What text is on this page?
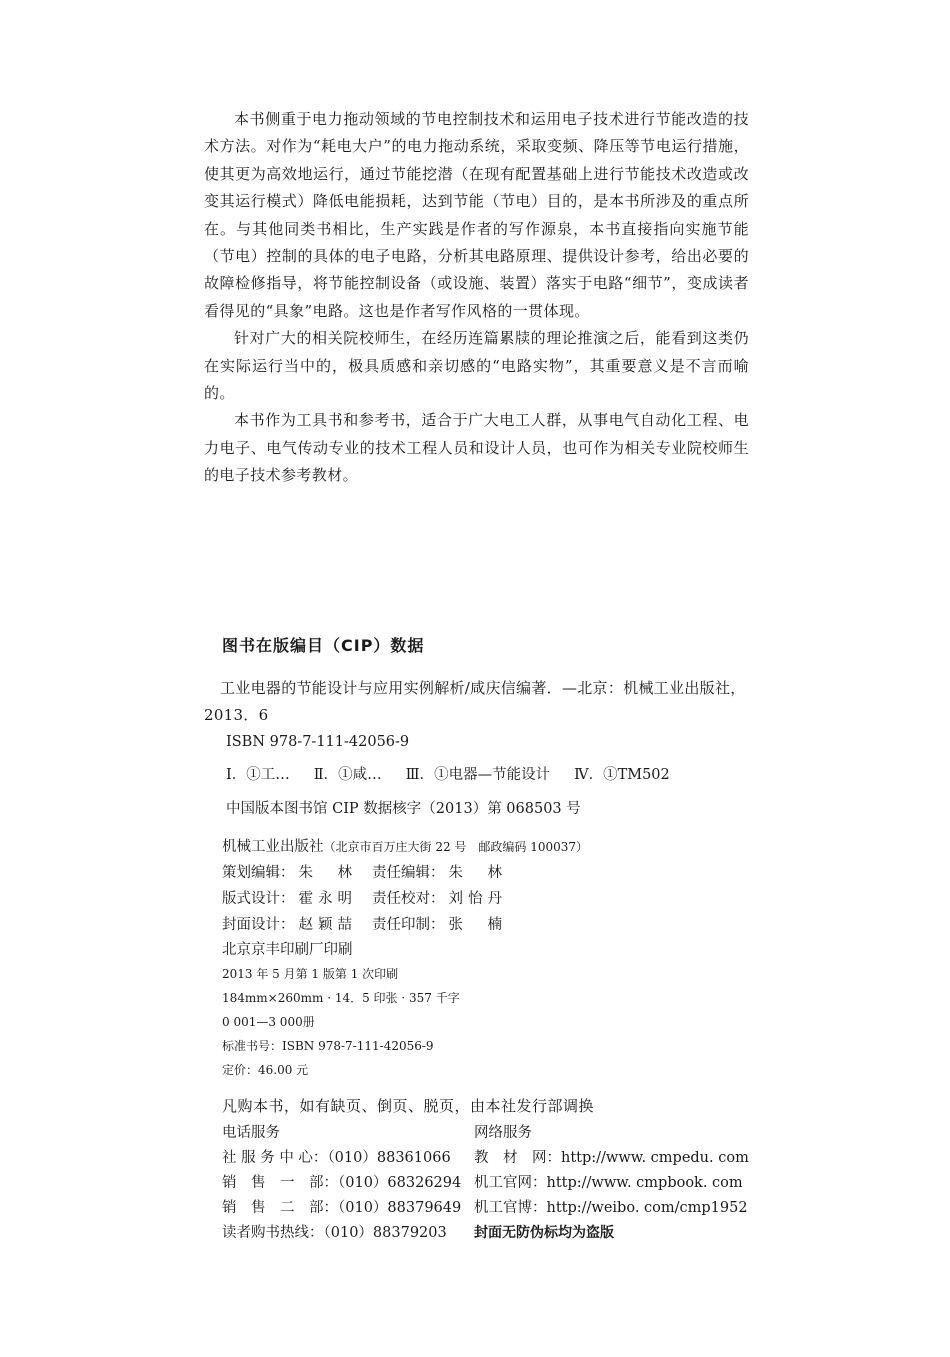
本书侧重于电力拖动领域的节电控制技术和运用电子技术进行节能改造的技术方法。对作为“耗电大户”的电力拖动系统，采取变频、降压等节电运行措施，使其更为高效地运行，通过节能挖潜（在现有配置基础上进行节能技术改造或改变其运行模式）降低电能损耗，达到节能（节电）目的，是本书所涉及的重点所在。与其他同类书相比，生产实践是作者的写作源泉，本书直接指向实施节能（节电）控制的具体的电子电路，分析其电路原理、提供设计参考，给出必要的故障检修指导，将节能控制设备（或设施、装置）落实于电路“细节”，变成读者看得见的“具象”电路。这也是作者写作风格的一贯体现。

针对广大的相关院校师生，在经历连篇累牍的理论推演之后，能看到这类仍在实际运行当中的，极具质感和亲切感的“电路实物”，其重要意义是不言而喻的。

本书作为工具书和参考书，适合于广大电工人群，从事电气自动化工程、电力电子、电气传动专业的技术工程人员和设计人员，也可作为相关专业院校师生的电子技术参考教材。

图书在版编目（CIP）数据

工业电器的节能设计与应用实例解析/咸庆信编著．—北京：机械工业出版社，2013．6

ISBN 978-7-111-42056-9

Ⅰ．①工… Ⅱ．①咸… Ⅲ．①电器—节能设计 Ⅳ．①TM502

中国版本图书馆 CIP 数据核字（2013）第 068503 号

机械工业出版社（北京市百万庄大街 22 号　邮政编码 100037）

策划编辑： 朱　林	责任编辑： 朱　林

版式设计： 霍永明	责任校对： 刘怡丹

封面设计： 赵颖喆	责任印制： 张　楠

北京京丰印刷厂印刷

2013 年 5 月第 1 版第 1 次印刷

184mm×260mm · 14．5 印张 · 357 千字

0 001—3 000册

标准书号：ISBN 978-7-111-42056-9

定价：46.00 元

凡购本书，如有缺页、倒页、脱页，由本社发行部调换

电话服务	网络服务
社 服 务 中 心：（010）88361066	教　材　网：http://www. cmpedu. com
销　售　一　部：（010）68326294	机工官网：http://www. cmpbook. com
销　售　二　部：（010）88379649	机工官博：http://weibo. com/cmp1952
读者购书热线：（010）88379203	封面无防伪标均为盗版
